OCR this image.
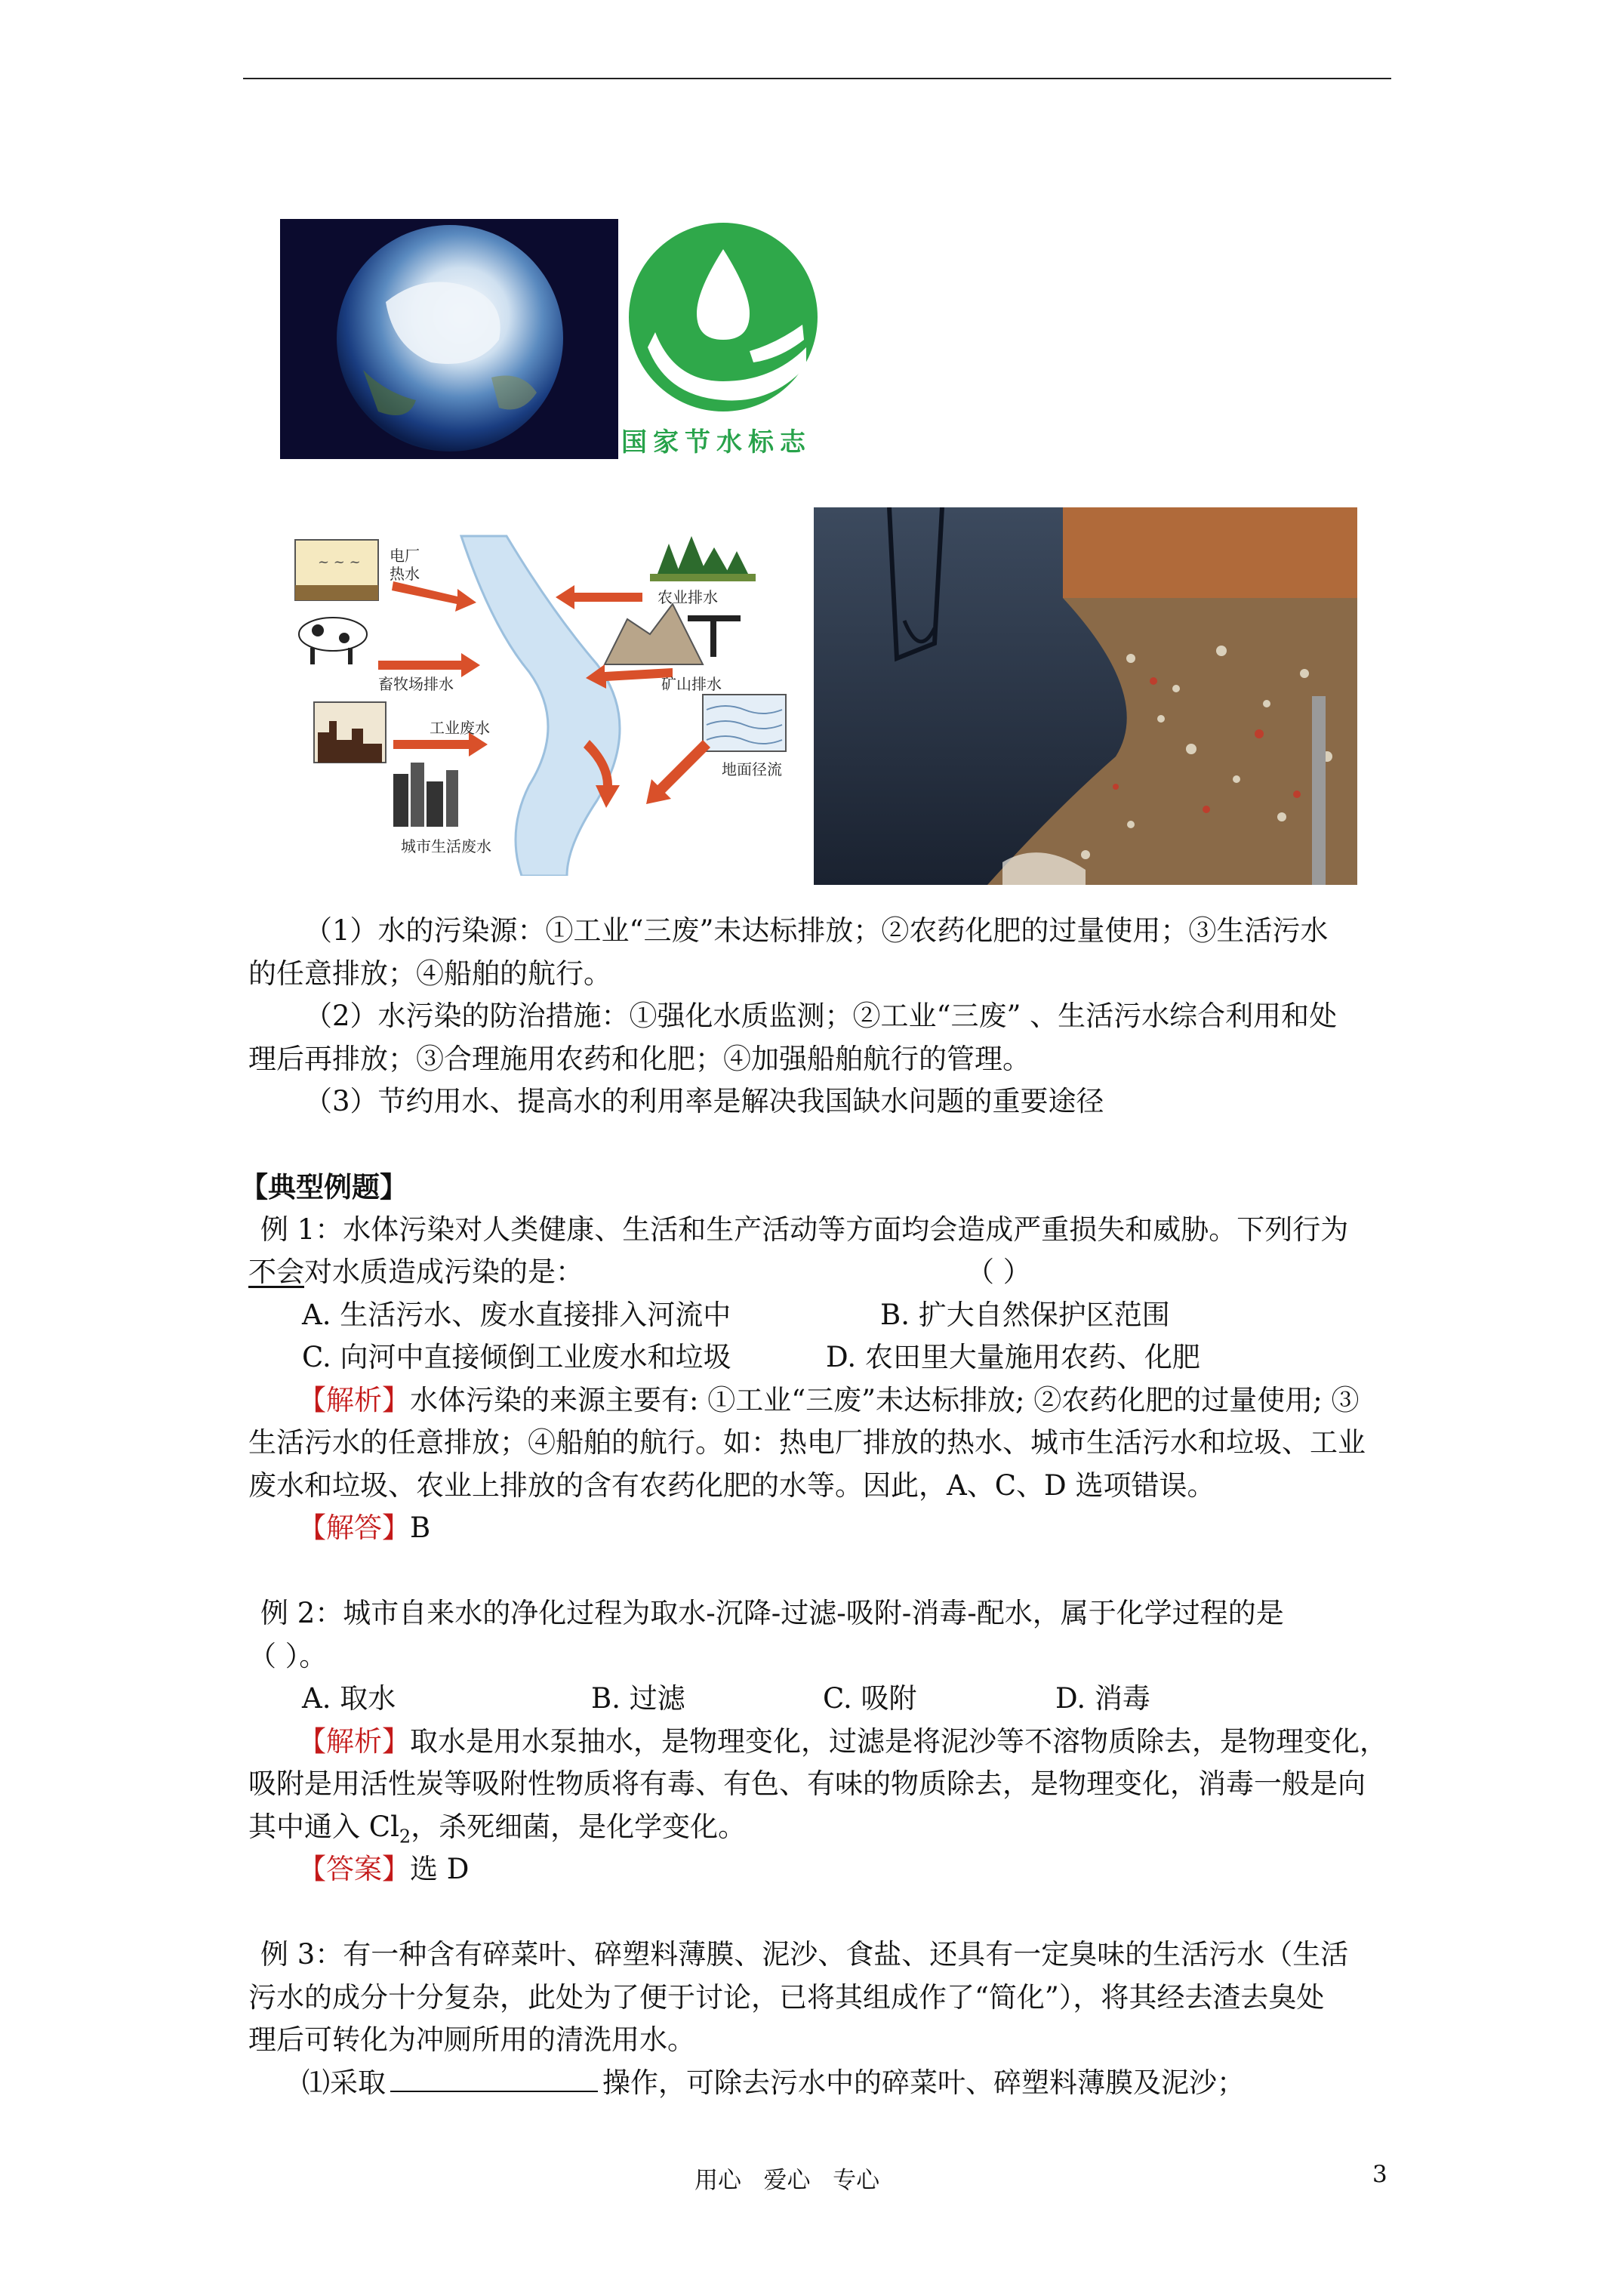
国家节水标志
~ ~ ~ 电厂
热水
农业排水
畜牧场排水	矿山排水
工业废水
地面径流
城市生活废水
（1）水的污染源：①工业“三废”未达标排放；②农药化肥的过量使用；③生活污水
的任意排放；④船舶的航行。
（2）水污染的防治措施：①强化水质监测；②工业“三废” 、生活污水综合利用和处
理后再排放；③合理施用农药和化肥；④加强船舶航行的管理。
（3）节约用水、提高水的利用率是解决我国缺水问题的重要途径
【典型例题】
例 1：水体污染对人类健康、生活和生产活动等方面均会造成严重损失和威胁。下列行为
不会对水质造成污染的是：	（ ）
A. 生活污水、废水直接排入河流中	B. 扩大自然保护区范围
C. 向河中直接倾倒工业废水和垃圾	D. 农田里大量施用农药、化肥
【解析】水体污染的来源主要有: ①工业“三废”未达标排放; ②农药化肥的过量使用; ③
生活污水的任意排放；④船舶的航行。如：热电厂排放的热水、城市生活污水和垃圾、工业
废水和垃圾、农业上排放的含有农药化肥的水等。因此，A、C、D 选项错误。
【解答】B
例 2：城市自来水的净化过程为取水-沉降-过滤-吸附-消毒-配水，属于化学过程的是
（ ）。
A. 取水	B. 过滤	C. 吸附	D. 消毒
【解析】取水是用水泵抽水，是物理变化，过滤是将泥沙等不溶物质除去，是物理变化，
吸附是用活性炭等吸附性物质将有毒、有色、有味的物质除去，是物理变化，消毒一般是向
其中通入 $Cl_2$，杀死细菌，是化学变化。
【答案】选 D
例 3：有一种含有碎菜叶、碎塑料薄膜、泥沙、食盐、还具有一定臭味的生活污水（生活
污水的成分十分复杂，此处为了便于讨论，已将其组成作了“简化”），将其经去渣去臭处
理后可转化为冲厕所用的清洗用水。
⑴采取	操作，可除去污水中的碎菜叶、碎塑料薄膜及泥沙；
用心   爱心   专心	3
